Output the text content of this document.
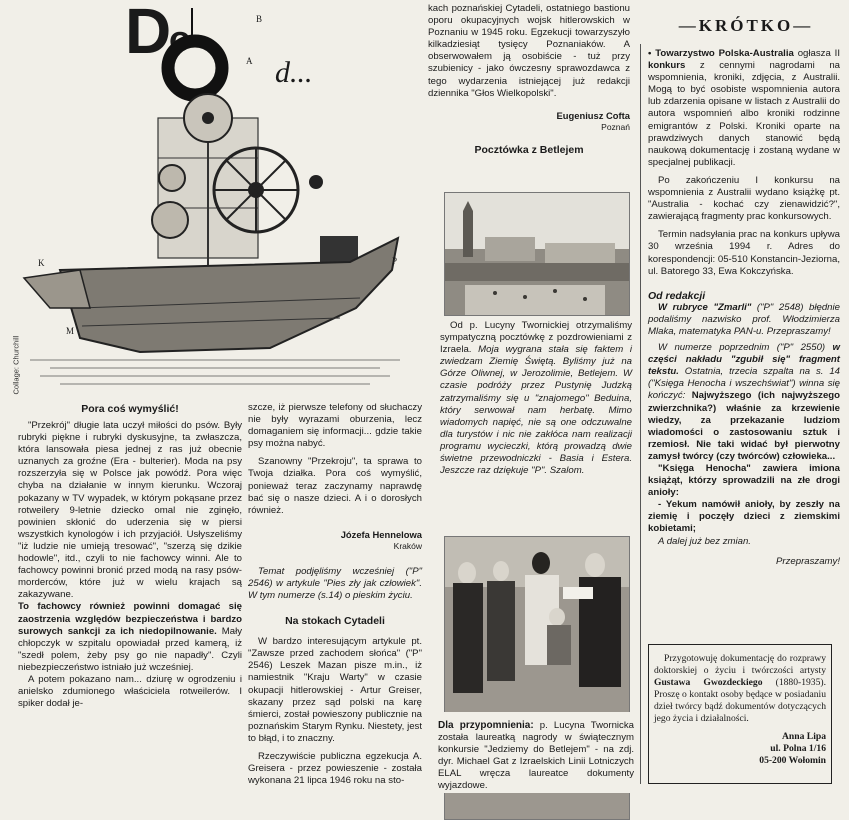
D
o
i d...
B
A
K
M
P
Collage: Churchill
Pora coś wymyślić!

"Przekrój" długie lata uczył miłości do psów. Były rubryki piękne i rubryki dyskusyjne, ta zwłaszcza, która lansowała piesa jednej z ras już obecnie uznanych za groźne (Era - bulterier). Moda na psy rozszerzyła się w Polsce jak powódź. Pora więc chyba na działanie w innym kierunku. Wczoraj pokazany w TV wypadek, w którym pokąsane przez rotweilery 9-letnie dziecko omal nie zginęło, powinien skłonić do uderzenia się w piersi wszystkich kynologów i ich przyjaciół. Usłyszeliśmy "iż ludzie nie umieją tresować", "szerzą się dzikie hodowle", itd., czyli to nie fachowcy winni. Ale to fachowcy powinni bronić przed modą na rasy psów-morderców, które już w wielu krajach są zakazywane.

To fachowcy również powinni domagać się zaostrzenia względów bezpieczeństwa i bardzo surowych sankcji za ich niedopilnowanie. Mały chłopczyk w szpitalu opowiadał przed kamerą, iż "szedł polem, żeby psy go nie napadły". Czyli niebezpieczeństwo istniało już wcześniej.

A potem pokazano nam... dziurę w ogrodzeniu i anielsko zdumionego właściciela rotweilerów. I spiker dodał je-

szcze, iż pierwsze telefony od słuchaczy nie były wyrazami oburzenia, lecz domaganiem się informacji... gdzie takie psy można nabyć.

Szanowny "Przekroju", ta sprawa to Twoja działka. Pora coś wymyślić, ponieważ teraz zaczynamy naprawdę bać się o nasze dzieci. A i o dorosłych również.

Józefa Hennelowa
Kraków

Temat podjęliśmy wcześniej ("P" 2546) w artykule "Pies zły jak człowiek". W tym numerze (s.14) o pieskim życiu.

Na stokach Cytadeli

W bardzo interesującym artykule pt. "Zawsze przed zachodem słońca" ("P" 2546) Leszek Mazan pisze m.in., iż namiestnik "Kraju Warty" w czasie okupacji hitlerowskiej - Artur Greiser, skazany przez sąd polski na karę śmierci, został powieszony publicznie na poznańskim Starym Rynku. Niestety, jest to błąd, i to znaczny.

Rzeczywiście publiczna egzekucja A. Greisera - przez powieszenie - została wykonana 21 lipca 1946 roku na sto-

kach poznańskiej Cytadeli, ostatniego bastionu oporu okupacyjnych wojsk hitlerowskich w Poznaniu w 1945 roku. Egzekucji towarzyszyło kilkadziesiąt tysięcy Poznaniaków. A obserwowałem ją osobiście - tuż przy szubienicy - jako ówczesny sprawozdawca z tego wydarzenia istniejącej już redakcji dziennika "Głos Wielkopolski".

Eugeniusz Cofta
Poznań
Pocztówka z Betlejem

Od p. Lucyny Twornickiej otrzymaliśmy sympatyczną pocztówkę z pozdrowieniami z Izraela. Moja wygrana stała się faktem i zwiedzam Ziemię Świętą. Byliśmy już na Górze Oliwnej, w Jerozolimie, Betlejem. W czasie podróży przez Pustynię Judzką zatrzymaliśmy się u "znajomego" Beduina, który serwował nam herbatę. Mimo wiadomych napięć, nie są one odczuwalne dla turystów i nic nie zakłóca nam realizacji programu wycieczki, którą prowadzą dwie świetne przewodniczki - Basia i Estera. Jeszcze raz dziękuje "P". Szalom.

Dla przypomnienia: p. Lucyna Twornicka została laureatką nagrody w świątecznym konkursie "Jedziemy do Betlejem" - na zdj. dyr. Michael Gat z Izraelskich Linii Lotniczych ELAL wręcza laureatce dokumenty wyjazdowe.

—KRÓTKO—

• Towarzystwo Polska-Australia ogłasza II konkurs z cennymi nagrodami na wspomnienia, kroniki, zdjęcia, z Australii. Mogą to być osobiste wspomnienia autora lub zdarzenia opisane w listach z Australii do autora wspomnień albo kroniki rodzinne emigrantów z Polski. Kroniki oparte na prawdziwych danych stanowić będą naukową dokumentację i zostaną wydane w specjalnej publikacji.

Po zakończeniu I konkursu na wspomnienia z Australii wydano książkę pt. "Australia - kochać czy zienawidzić?", zawierającą fragmenty prac konkursowych.

Termin nadsyłania prac na konkurs upływa 30 września 1994 r. Adres do korespondencji: 05-510 Konstancin-Jeziorna, ul. Batorego 33, Ewa Kokczyńska.

Od redakcji

W rubryce "Zmarli" ("P" 2548) błędnie podaliśmy nazwisko prof. Włodzimierza Mlaka, matematyka PAN-u. Przepraszamy!

W numerze poprzednim ("P" 2550) w części nakładu "zgubił się" fragment tekstu. Ostatnia, trzecia szpalta na s. 14 ("Księga Henocha i wszechświat") winna się kończyć: Najwyższego (ich najwyższego zwierzchnika?) właśnie za krzewienie wiedzy, za przekazanie ludziom wiadomości o zastosowaniu sztuk i rzemiosł. Nie taki widać był pierwotny zamysł twórcy (czy twórców) człowieka...

"Księga Henocha" zawiera imiona książąt, którzy sprowadzili na złe drogi anioły:

- Yekum namówił anioły, by zeszły na ziemię i poczęły dzieci z ziemskimi kobietami;

A dalej już bez zmian.

Przepraszamy!
Przygotowuję dokumentację do rozprawy doktorskiej o życiu i twórczości artysty Gustawa Gwozdeckiego (1880-1935). Proszę o kontakt osoby będące w posiadaniu dzieł twórcy bądź dokumentów dotyczących jego życia i działalności.
Anna Lipa
ul. Polna 1/16
05-200 Wołomin
